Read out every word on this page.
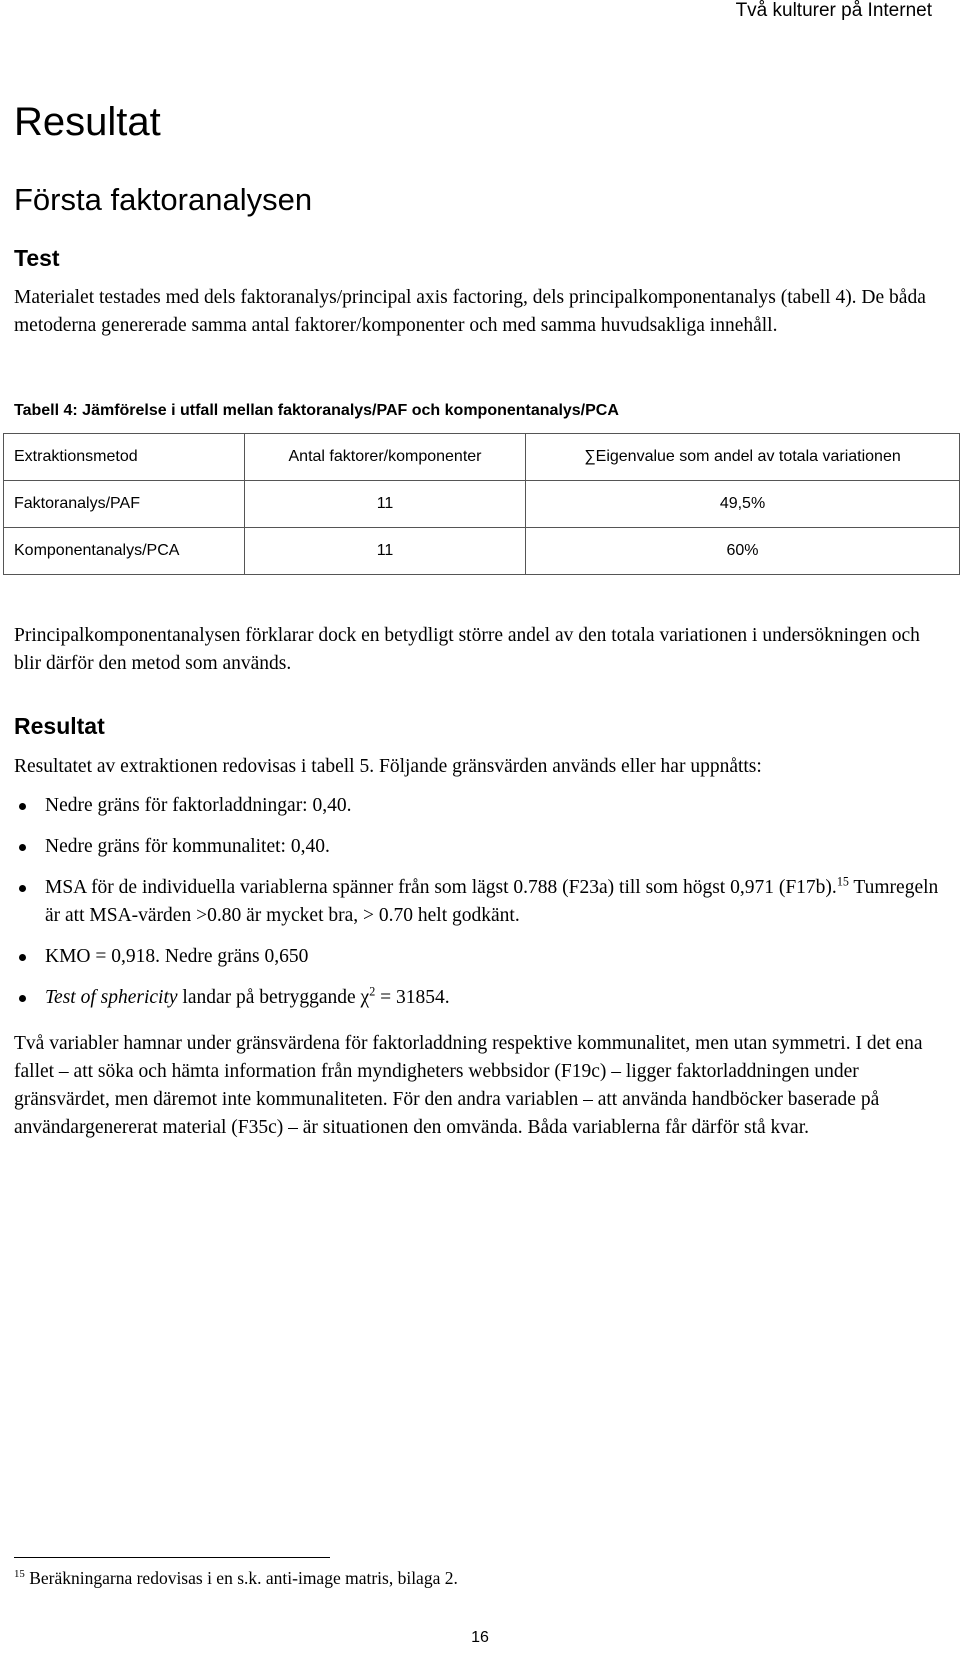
Två kulturer på Internet
Resultat
Första faktoranalysen
Test

Materialet testades med dels faktoranalys/principal axis factoring, dels principalkomponentanalys (tabell 4). De båda metoderna genererade samma antal faktorer/komponenter och med samma huvudsakliga innehåll.

Tabell 4: Jämförelse i utfall mellan faktoranalys/PAF och komponentanalys/PCA

Extraktionsmetod	Antal faktorer/komponenter	∑Eigenvalue som andel av totala variationen
Faktoranalys/PAF	11	49,5%
Komponentanalys/PCA	11	60%

Principalkomponentanalysen förklarar dock en betydligt större andel av den totala variationen i undersökningen och blir därför den metod som används.

Resultat

Resultatet av extraktionen redovisas i tabell 5. Följande gränsvärden används eller har uppnåtts:

Nedre gräns för faktorladdningar: 0,40.
Nedre gräns för kommunalitet: 0,40.
MSA för de individuella variablerna spänner från som lägst 0.788 (F23a) till som högst 0,971 (F17b).$^{15}$ Tumregeln är att MSA-värden >0.80 är mycket bra, > 0.70 helt godkänt.
KMO = 0,918. Nedre gräns 0,650
Test of sphericity landar på betryggande $\chi^2 = 31854$.

Två variabler hamnar under gränsvärdena för faktorladdning respektive kommunalitet, men utan symmetri. I det ena fallet – att söka och hämta information från myndigheters webbsidor (F19c) – ligger faktorladdningen under gränsvärdet, men däremot inte kommunaliteten. För den andra variablen – att använda handböcker baserade på användargenererat material (F35c) – är situationen den omvända. Båda variablerna får därför stå kvar.

$^{15}$ Beräkningarna redovisas i en s.k. anti-image matris, bilaga 2.
16
